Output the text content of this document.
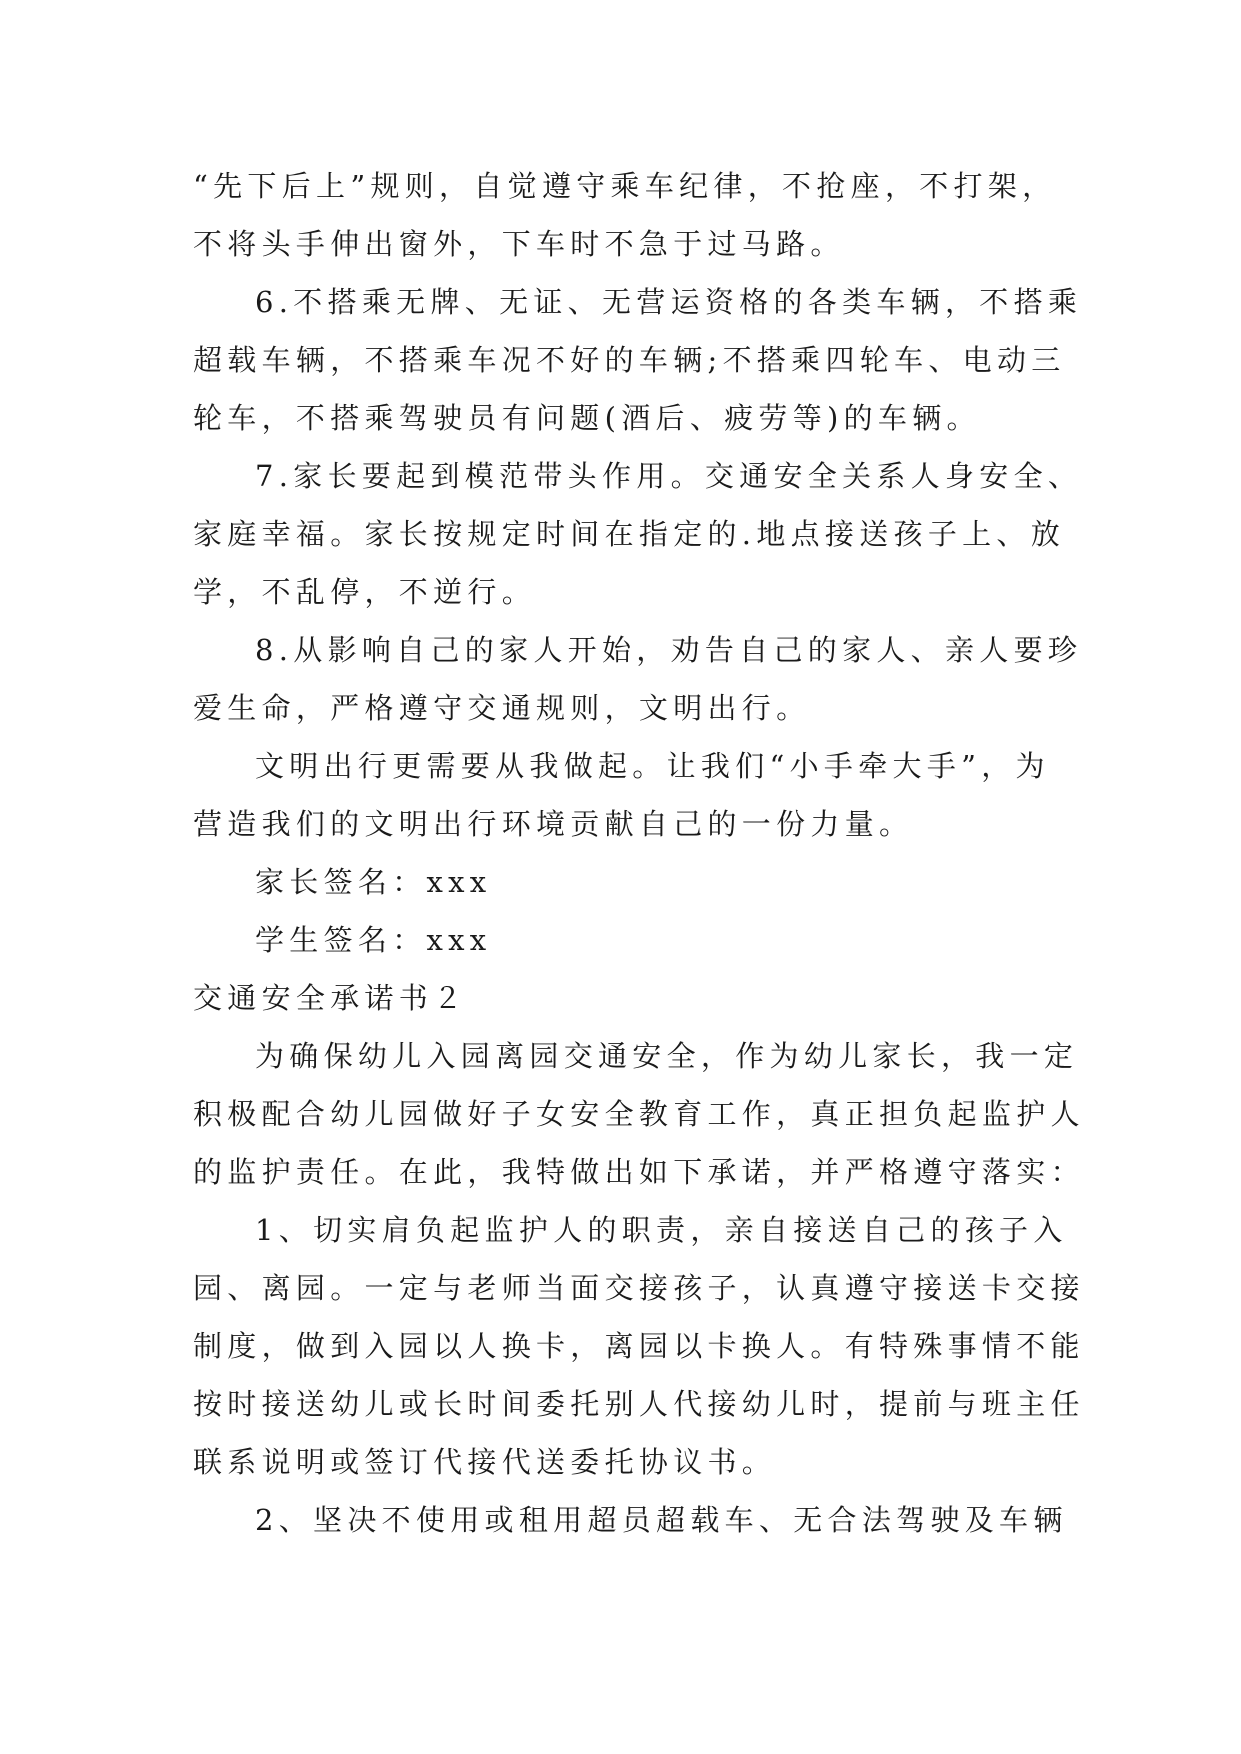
“先下后上”规则，自觉遵守乘车纪律，不抢座，不打架，
不将头手伸出窗外，下车时不急于过马路。
6.不搭乘无牌、无证、无营运资格的各类车辆，不搭乘
超载车辆，不搭乘车况不好的车辆;不搭乘四轮车、电动三
轮车，不搭乘驾驶员有问题(酒后、疲劳等)的车辆。
7.家长要起到模范带头作用。交通安全关系人身安全、
家庭幸福。家长按规定时间在指定的.地点接送孩子上、放
学，不乱停，不逆行。
8.从影响自己的家人开始，劝告自己的家人、亲人要珍
爱生命，严格遵守交通规则，文明出行。
文明出行更需要从我做起。让我们“小手牵大手”，为
营造我们的文明出行环境贡献自己的一份力量。
家长签名：xxx
学生签名：xxx
交通安全承诺书２
为确保幼儿入园离园交通安全，作为幼儿家长，我一定
积极配合幼儿园做好子女安全教育工作，真正担负起监护人
的监护责任。在此，我特做出如下承诺，并严格遵守落实：
1、切实肩负起监护人的职责，亲自接送自己的孩子入
园、离园。一定与老师当面交接孩子，认真遵守接送卡交接
制度，做到入园以人换卡，离园以卡换人。有特殊事情不能
按时接送幼儿或长时间委托别人代接幼儿时，提前与班主任
联系说明或签订代接代送委托协议书。
2、坚决不使用或租用超员超载车、无合法驾驶及车辆
